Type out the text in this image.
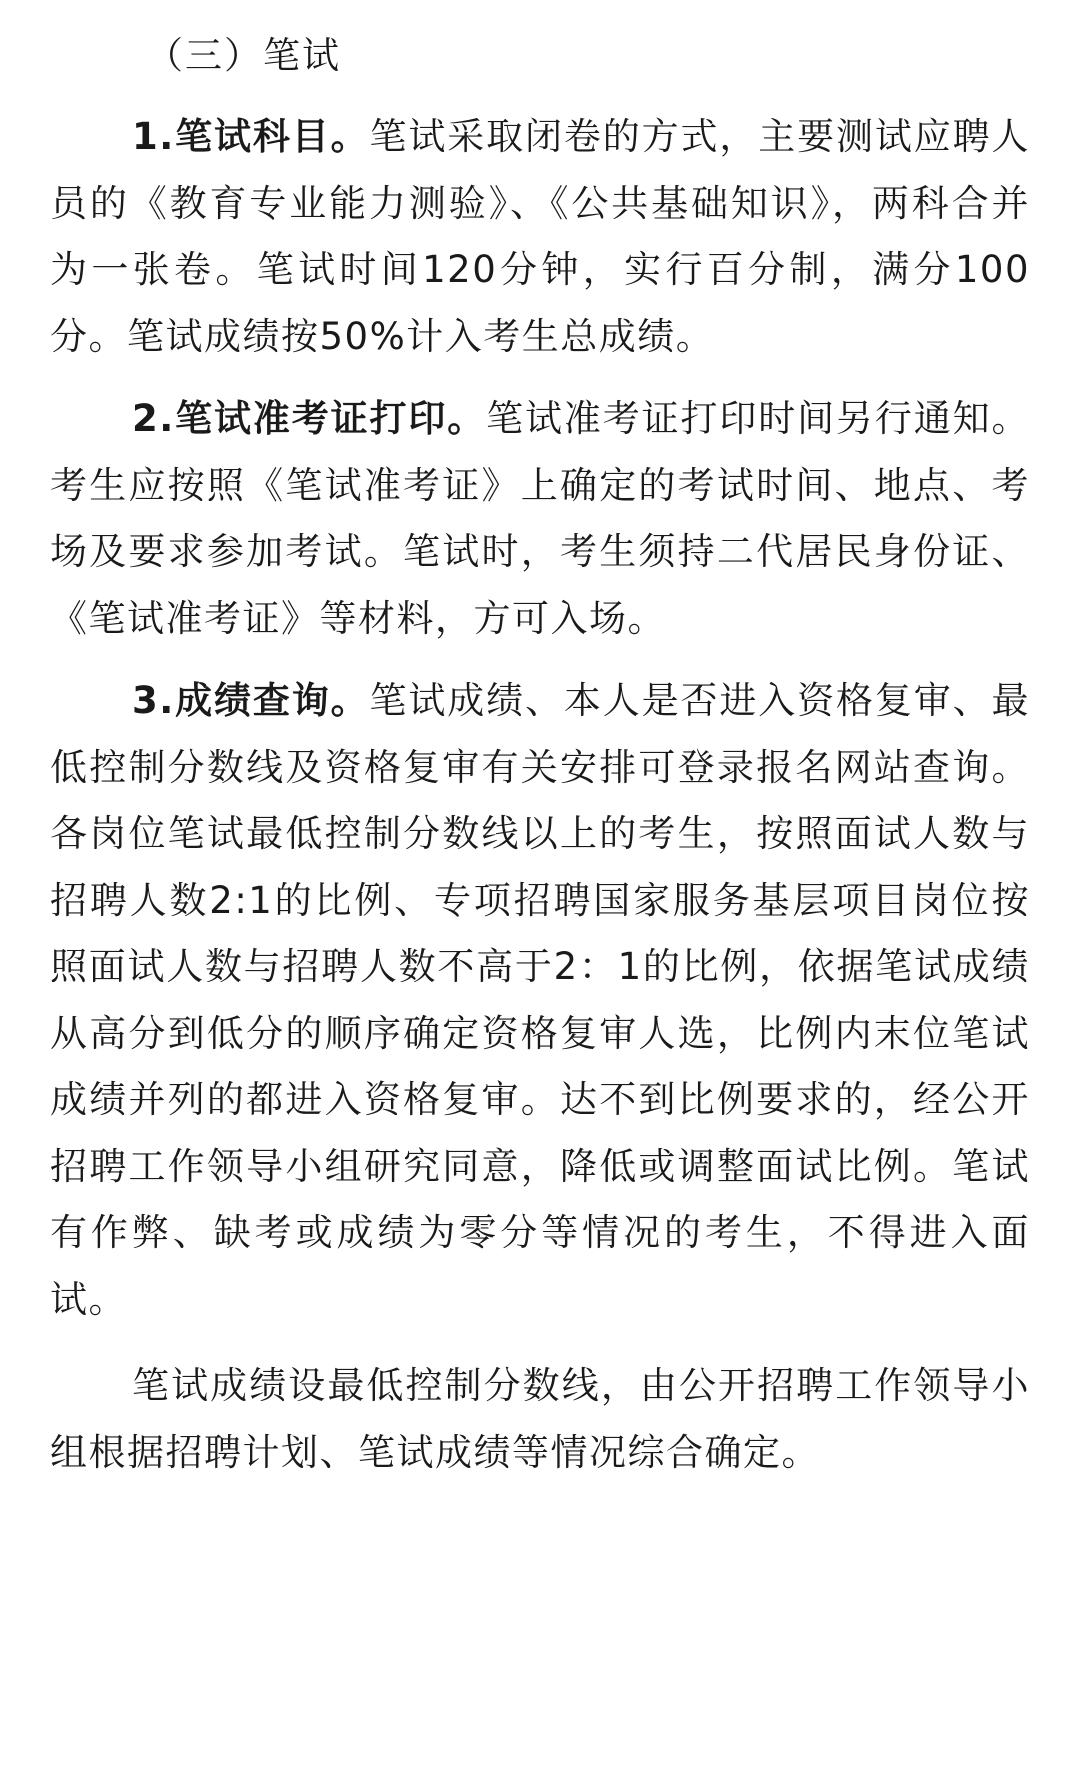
（三）笔试

1.笔试科目。笔试采取闭卷的方式，主要测试应聘人员的《教育专业能力测验》、《公共基础知识》，两科合并为一张卷。笔试时间120分钟，实行百分制，满分100分。笔试成绩按50%计入考生总成绩。

2.笔试准考证打印。笔试准考证打印时间另行通知。考生应按照《笔试准考证》上确定的考试时间、地点、考场及要求参加考试。笔试时，考生须持二代居民身份证、《笔试准考证》等材料，方可入场。

3.成绩查询。笔试成绩、本人是否进入资格复审、最低控制分数线及资格复审有关安排可登录报名网站查询。各岗位笔试最低控制分数线以上的考生，按照面试人数与招聘人数2:1的比例、专项招聘国家服务基层项目岗位按照面试人数与招聘人数不高于2：1的比例，依据笔试成绩从高分到低分的顺序确定资格复审人选，比例内末位笔试成绩并列的都进入资格复审。达不到比例要求的，经公开招聘工作领导小组研究同意，降低或调整面试比例。笔试有作弊、缺考或成绩为零分等情况的考生，不得进入面试。

笔试成绩设最低控制分数线，由公开招聘工作领导小组根据招聘计划、笔试成绩等情况综合确定。
